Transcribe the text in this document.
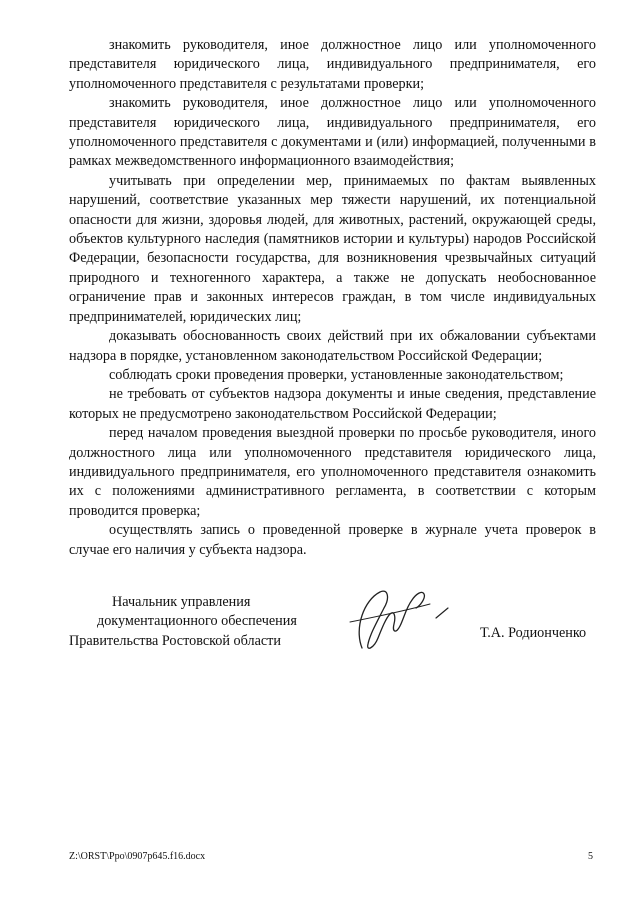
знакомить руководителя, иное должностное лицо или уполномоченного представителя юридического лица, индивидуального предпринимателя, его уполномоченного представителя с результатами проверки;

знакомить руководителя, иное должностное лицо или уполномоченного представителя юридического лица, индивидуального предпринимателя, его уполномоченного представителя с документами и (или) информацией, полученными в рамках межведомственного информационного взаимодействия;

учитывать при определении мер, принимаемых по фактам выявленных нарушений, соответствие указанных мер тяжести нарушений, их потенциальной опасности для жизни, здоровья людей, для животных, растений, окружающей среды, объектов культурного наследия (памятников истории и культуры) народов Российской Федерации, безопасности государства, для возникновения чрезвычайных ситуаций природного и техногенного характера, а также не допускать необоснованное ограничение прав и законных интересов граждан, в том числе индивидуальных предпринимателей, юридических лиц;

доказывать обоснованность своих действий при их обжаловании субъектами надзора в порядке, установленном законодательством Российской Федерации;

соблюдать сроки проведения проверки, установленные законодательством;

не требовать от субъектов надзора документы и иные сведения, представление которых не предусмотрено законодательством Российской Федерации;

перед началом проведения выездной проверки по просьбе руководителя, иного должностного лица или уполномоченного представителя юридического лица, индивидуального предпринимателя, его уполномоченного представителя ознакомить их с положениями административного регламента, в соответствии с которым проводится проверка;

осуществлять запись о проведенной проверке в журнале учета проверок в случае его наличия у субъекта надзора.

Начальник управления
документационного обеспечения
Правительства Ростовской области	Т.А. Родионченко
Z:\ORST\Ppo\0907p645.f16.docx	5
